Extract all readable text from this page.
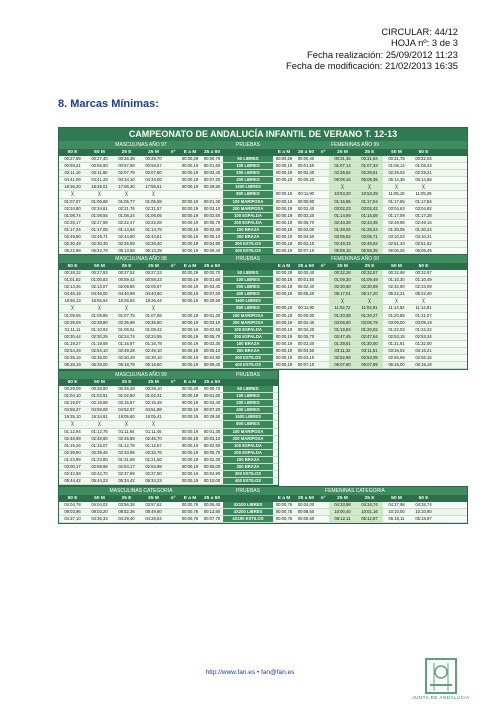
CIRCULAR: 44/12
HOJA nº: 3 de 3
Fecha realización: 25/09/2012 11:23
Fecha de modificación: 21/02/2013 16:35
8. Marcas Mínimas:
CAMPEONATO DE ANDALUCÍA INFANTIL DE VERANO T. 12-13
MASCULINAS AÑO 97	PRUEBAS	FEMENINAS AÑO 99
50 E	50 M	25 E	25 M	nº	E a M	25 a 50	E a M	25 a 50	nº	25 M	25 E	50 M	50 E
00:27,89	00:27,40	00:26,36	00:26,70	00:00,29	00:00,70	50 LIBRES	00:00,29	00:00,40	00:31,35	00:31,84	00:31,75	00:32,04
00:59,21	00:59,60	00:57,98	00:58,57	00:00,19	00:01,50	100 LIBRES	00:00,19	00:01,50	01:07,14	01:07,33	01:08,14	01:08,33
02:11,10	02:11,60	02:07,79	02:07,60	00:00,19	00:03,40	200 LIBRES	00:00,19	00:02,40	02:26,62	02:28,61	02:29,02	02:29,21
04:41,09	04:41,29	04:34,10	04:34,00	00:00,19	00:07,20	400 LIBRES	00:00,19	00:05,20	05:08,16	05:08,35	05:14,36	05:14,55
18:36,20	18:26,01	17:56,30	17:56,51	00:00,19	00:29,50	1500 LIBRES	╳	╳	╳	╳
╳	╳	╳	╳	800 LIBRES	00:00,19	00:11,90	10:53,20	10:53,39	11:05,10	11:05,29
01:07,07	01:06,88	01:05,77	01:05,58	00:00,19	00:01,30	100 MARIPOSA	00:00,19	00:00,80	01:16,85	01:17,04	01:17,65	01:17,84
02:34,80	02:34,61	02:31,76	02:31,57	00:00,19	00:03,10	200 MARIPOSA	00:00,19	00:02,40	03:02,23	03:02,42	03:04,63	03:04,82
01:08,74	01:08,55	01:06,24	01:06,05	00:00,19	00:02,50	100 ESPALDA	00:00,19	00:02,20	01:14,89	01:15,08	01:17,09	01:17,28
02:28,17	02:27,98	02:22,47	02:22,28	00:00,19	00:05,70	200 ESPALDA	00:00,19	00:05,70	02:43,26	02:43,45	02:48,96	02:49,15
01:17,24	01:17,05	01:14,94	01:14,75	00:00,19	00:02,30	100 BRAZA	00:00,19	00:02,00	01:28,05	01:28,24	01:30,05	01:30,24
02:49,90	02:49,71	02:44,80	02:44,61	00:00,19	00:05,10	200 BRAZA	00:00,19	00:04,50	03:05,52	03:05,71	03:10,02	03:10,21
02:30,49	02:30,30	02:25,59	02:25,40	00:00,19	00:04,90	200 ESTILOS	00:00,19	00:03,10	02:48,33	02:48,52	02:51,43	02:51,62
05:22,98	05:22,79	05:13,58	05:13,39	00:00,19	00:09,40	400 ESTILOS	00:00,19	00:07,10	05:59,16	05:59,35	06:06,26	06:06,45
MASCULINAS AÑO 98	PRUEBAS	FEMENINAS AÑO 00
50 E	50 M	25 E	25 M	nº	E a M	25 a 50	E a M	25 a 50	nº	25 M	25 E	50 M	50 E
00:28,22	00:27,93	00:27,52	00:27,23	00:00,29	00:00,70	50 LIBRES	00:00,29	00:00,40	00:32,28	00:32,57	00:32,68	00:32,97
01:01,62	01:00,83	00:59,42	00:59,23	00:00,19	00:01,60	100 LIBRES	00:00,19	00:01,50	01:09,30	01:09,49	01:10,30	01:10,49
02:13,26	02:13,07	02:09,86	02:09,67	00:00,19	00:03,40	200 LIBRES	00:00,19	00:02,40	02:30,50	02:30,69	02:32,90	02:33,09
04:46,19	04:46,00	04:40,99	04:40,80	00:00,19	00:07,20	400 LIBRES	00:00,19	00:05,20	05:17,01	05:17,20	05:22,21	05:22,40
18:56,13	18:55,94	18:26,63	18:26,44	00:00,19	00:29,50	1500 LIBRES	╳	╳	╳	╳
╳	╳	╳	╳	800 LIBRES	00:00,19	00:11,90	11:02,72	11:02,91	11:14,62	11:14,81
01:09,05	01:08,86	01:07,75	01:07,56	00:00,19	00:01,30	100 MARIPOSA	00:00,19	00:00,80	01:20,08	01:20,27	01:20,88	01:21,07
02:39,09	02:38,90	02:35,99	02:35,80	00:00,19	00:03,10	200 MARIPOSA	00:00,19	00:02,40	03:06,60	03:06,79	03:09,00	03:09,19
01:11,11	01:10,92	01:08,61	01:08,42	00:00,19	00:02,50	100 ESPALDA	00:00,19	00:02,20	01:19,83	01:20,02	01:22,03	01:22,22
02:30,44	02:30,25	02:24,74	02:24,55	00:00,19	00:05,70	200 ESPALDA	00:00,19	00:05,70	02:47,45	02:47,64	02:53,15	02:53,34
01:19,27	01:19,08	01:16,97	01:16,78	00:00,19	00:02,30	100 BRAZA	00:00,19	00:02,00	01:29,81	01:30,00	01:31,81	01:32,00
02:54,29	02:54,10	02:49,28	02:49,10	00:00,19	00:05,10	200 BRAZA	00:00,19	00:04,50	03:11,32	03:11,51	03:16,02	03:16,21
02:35,19	02:35,00	02:30,29	02:30,10	00:00,19	00:04,90	200 ESTILOS	00:00,19	00:03,10	02:52,86	02:53,05	02:55,96	02:56,15
05:28,19	05:28,00	05:18,79	05:18,60	00:00,19	00:09,40	400 ESTILOS	00:00,19	00:07,10	06:07,80	06:07,99	06:15,00	06:15,19
MASCULINAS AÑO 99	PRUEBAS
50 E	50 M	25 E	25 M	nº	E a M	25 a 50
00:29,09	00:28,80	00:28,39	00:28,10	00:00,29	00:00,70	50 LIBRES
01:04,10	01:03,91	01:02,50	01:02,31	00:00,19	00:01,60	100 LIBRES
02:19,07	02:18,88	02:15,67	02:15,48	00:00,19	00:03,40	200 LIBRES
04:59,27	04:59,08	04:52,07	04:51,88	00:00,19	00:07,20	400 LIBRES
19:35,10	19:34,91	19:05,60	19:05,41	00:00,19	00:29,50	1500 LIBRES
╳	╳	╳	╳	800 LIBRES
01:12,94	01:12,75	01:11,64	01:11,45	00:00,19	00:01,30	100 MARIPOSA
02:48,99	02:48,80	02:45,89	02:45,70	00:00,19	00:03,10	200 MARIPOSA
01:15,26	01:15,07	01:12,76	01:12,57	00:00,19	00:02,50	100 ESPALDA
02:39,60	02:39,46	02:33,95	02:33,76	00:00,19	00:05,70	200 ESPALDA
01:23,99	01:23,80	01:21,69	01:21,50	00:00,19	00:02,30	100 BRAZA
03:00,17	02:59,98	02:54,17	02:53,98	00:00,19	00:05,00	200 BRAZA
02:42,69	02:42,70	02:37,99	02:37,80	00:00,19	00:04,90	200 ESTILOS
05:44,42	05:44,23	05:34,42	05:34,23	00:00,19	00:10,00	400 ESTILOS
MASCULINAS CATEGORIA	PRUEBAS	FEMENINAS CATEGORIA
50 E	50 M	25 E	25 M	nº	E a M	25 a 50	E a M	25 a 50	nº	25 M	25 E	50 M	50 E
04:04,78	04:04,02	03:56,38	03:57,62	00:00,76	00:06,40	4X100 LIBRES	00:00,76	00:04,00	04:33,98	04:34,74	04:37,98	04:38,74
09:03,96	09:03,20	08:52,36	08:49,60	00:00,76	00:13,60	4X200 LIBRES	00:00,76	00:08,60	10:00,40	10:01,16	10:10,00	10:10,80
04:37,10	04:36,34	04:29,40	04:28,64	00:00,76	00:07,70	4X100 ESTILOS	00:00,76	00:05,60	05:12,11	05:12,87	05:18,11	05:18,87
JUNTA DE ANDALUCIA
http://www.fan.es • fan@fan.es
